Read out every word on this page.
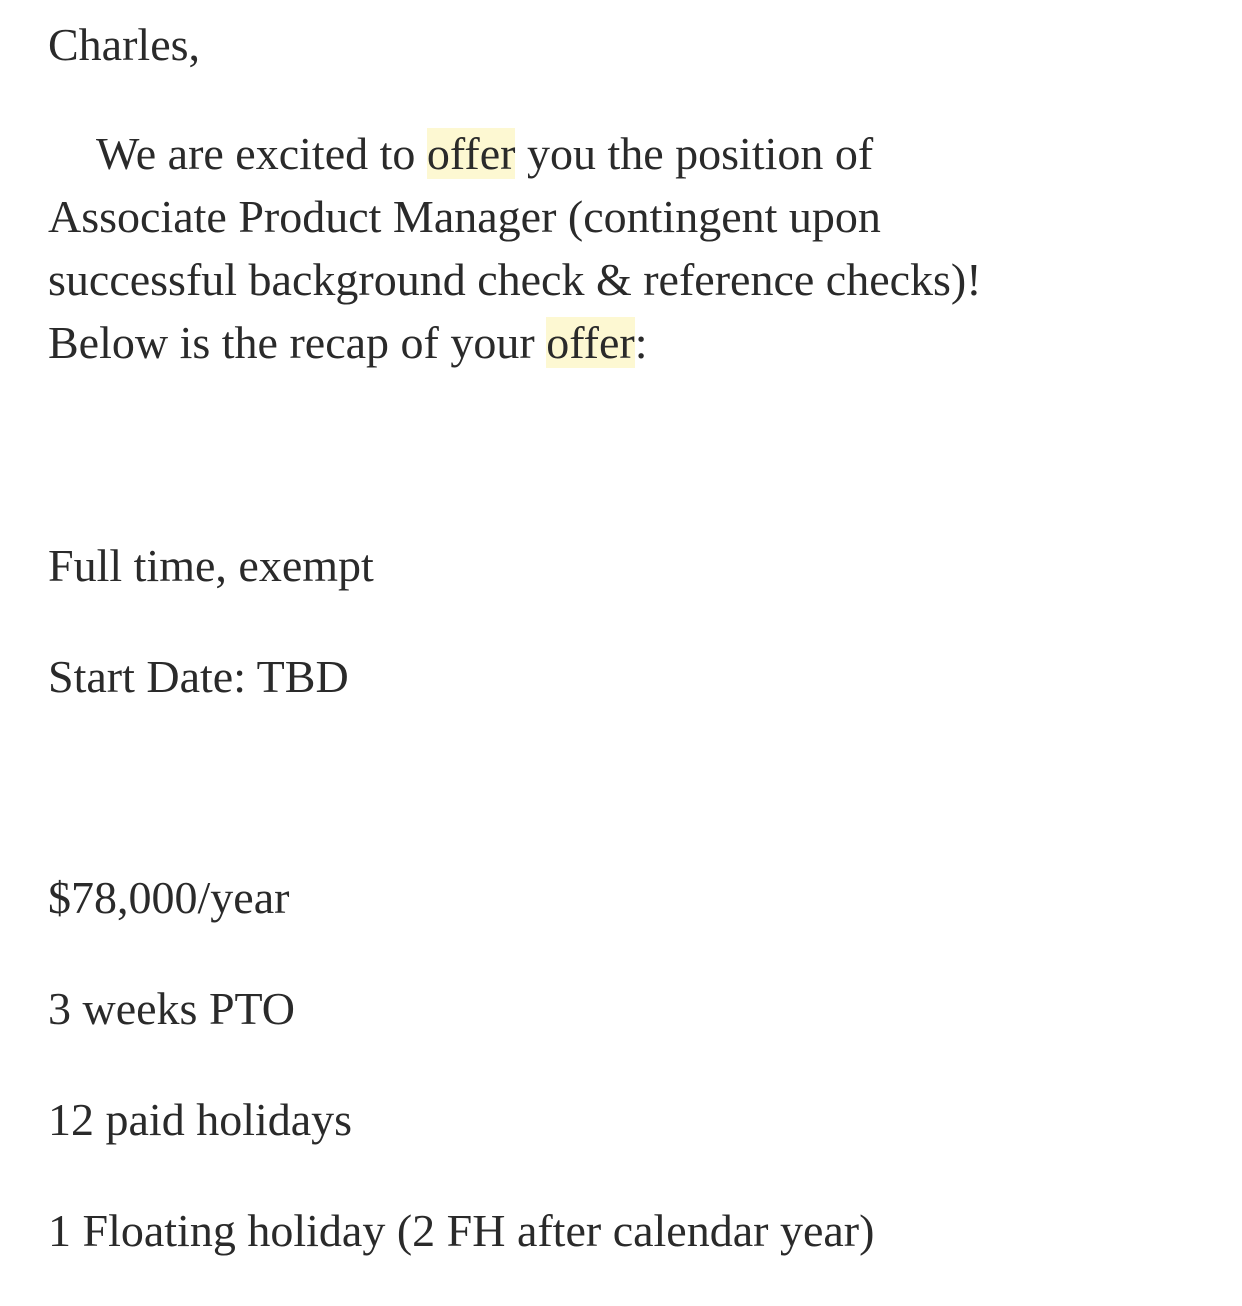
Charles,
We are excited to offer you the position of
Associate Product Manager (contingent upon
successful background check & reference checks)!
Below is the recap of your offer:
Full time, exempt
Start Date: TBD
$78,000/year
3 weeks PTO
12 paid holidays
1 Floating holiday (2 FH after calendar year)
